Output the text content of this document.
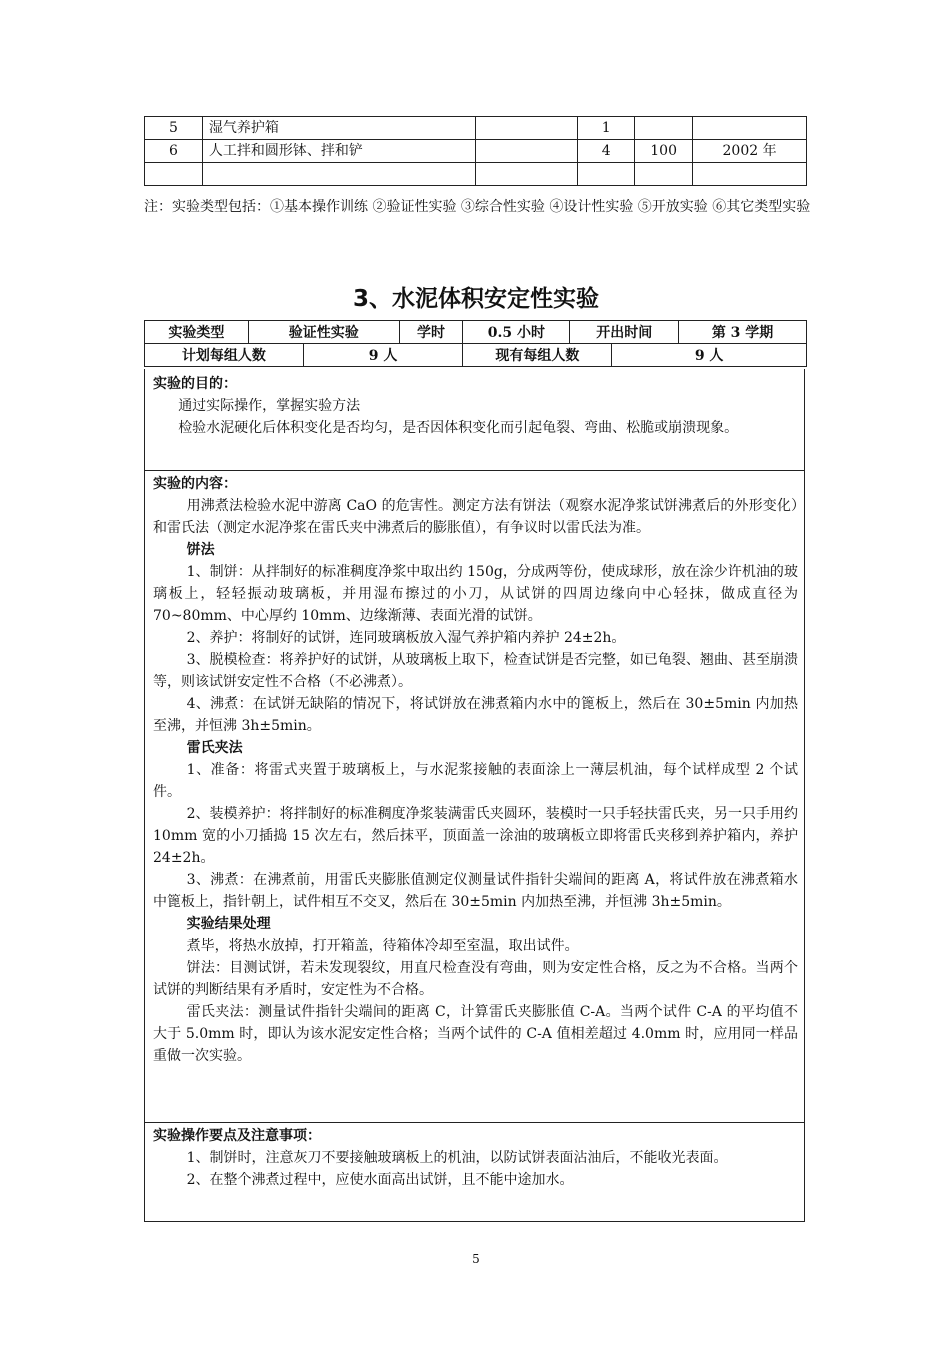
5	湿气养护箱		1		
6	人工拌和圆形钵、拌和铲		4	100	2002 年

注：实验类型包括：①基本操作训练 ②验证性实验 ③综合性实验 ④设计性实验 ⑤开放实验 ⑥其它类型实验
3、水泥体积安定性实验
实验类型	验证性实验		学时	0.5 小时	开出时间		第 3 学期
计划每组人数		9 人		现有每组人数		9 人	

实验的目的：

通过实际操作，掌握实验方法

检验水泥硬化后体积变化是否均匀，是否因体积变化而引起龟裂、弯曲、松脆或崩溃现象。

实验的内容：

用沸煮法检验水泥中游离 CaO 的危害性。测定方法有饼法（观察水泥净浆试饼沸煮后的外形变化）和雷氏法（测定水泥净浆在雷氏夹中沸煮后的膨胀值），有争议时以雷氏法为准。

饼法

1、制饼：从拌制好的标准稠度净浆中取出约 150g，分成两等份，使成球形，放在涂少许机油的玻璃板上，轻轻振动玻璃板，并用湿布擦过的小刀，从试饼的四周边缘向中心轻抹，做成直径为 70~80mm、中心厚约 10mm、边缘渐薄、表面光滑的试饼。

2、养护：将制好的试饼，连同玻璃板放入湿气养护箱内养护 24±2h。

3、脱模检查：将养护好的试饼，从玻璃板上取下，检查试饼是否完整，如已龟裂、翘曲、甚至崩溃等，则该试饼安定性不合格（不必沸煮）。

4、沸煮：在试饼无缺陷的情况下，将试饼放在沸煮箱内水中的篦板上，然后在 30±5min 内加热至沸，并恒沸 3h±5min。

雷氏夹法

1、准备：将雷式夹置于玻璃板上，与水泥浆接触的表面涂上一薄层机油，每个试样成型 2 个试件。

2、装模养护：将拌制好的标准稠度净浆装满雷氏夹圆环，装模时一只手轻扶雷氏夹，另一只手用约 10mm 宽的小刀插捣 15 次左右，然后抹平，顶面盖一涂油的玻璃板立即将雷氏夹移到养护箱内，养护 24±2h。

3、沸煮：在沸煮前，用雷氏夹膨胀值测定仪测量试件指针尖端间的距离 A，将试件放在沸煮箱水中篦板上，指针朝上，试件相互不交叉，然后在 30±5min 内加热至沸，并恒沸 3h±5min。

实验结果处理

煮毕，将热水放掉，打开箱盖，待箱体冷却至室温，取出试件。

饼法：目测试饼，若未发现裂纹，用直尺检查没有弯曲，则为安定性合格，反之为不合格。当两个试饼的判断结果有矛盾时，安定性为不合格。

雷氏夹法：测量试件指针尖端间的距离 C，计算雷氏夹膨胀值 C-A。当两个试件 C-A 的平均值不大于 5.0mm 时，即认为该水泥安定性合格；当两个试件的 C-A 值相差超过 4.0mm 时，应用同一样品重做一次实验。

实验操作要点及注意事项：

1、制饼时，注意灰刀不要接触玻璃板上的机油，以防试饼表面沾油后，不能收光表面。

2、在整个沸煮过程中，应使水面高出试饼，且不能中途加水。

5
